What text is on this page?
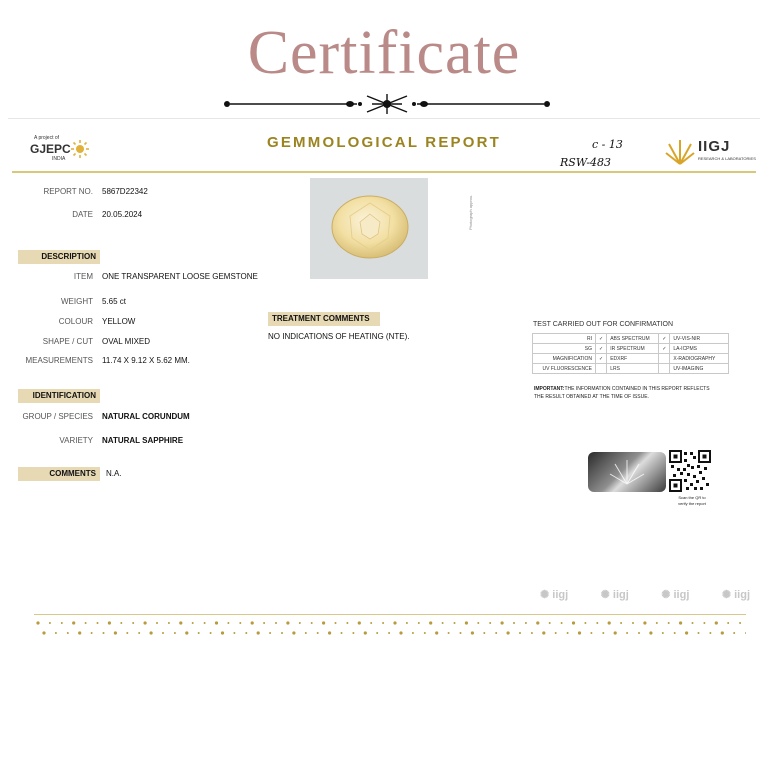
Certificate
A project of
GJEPC
INDIA
GEMMOLOGICAL REPORT	c - 13
RSW-483
IIGJ
RESEARCH & LABORATORIES
REPORT NO. 5867D22342
DATE 20.05.2024	Photograph approx.
DESCRIPTION
ITEM ONE TRANSPARENT LOOSE GEMSTONE
WEIGHT 5.65 ct
COLOUR YELLOW
SHAPE / CUT OVAL MIXED
MEASUREMENTS 11.74 X 9.12 X 5.62 MM.
TREATMENT COMMENTS
NO INDICATIONS OF HEATING (NTE).
IDENTIFICATION
GROUP / SPECIES NATURAL CORUNDUM
VARIETY NATURAL SAPPHIRE
COMMENTS	N.A.
TEST CARRIED OUT FOR CONFIRMATION
RI	✓	ABS SPECTRUM	✓	UV-VIS-NIR
SG	✓	IR SPECTRUM	✓	LA-ICPMS
MAGNIFICATION	✓	EDXRF		X-RADIOGRAPHY
UV FLUORESCENCE		LRS		UV-IMAGING
IMPORTANT:THE INFORMATION CONTAINED IN THIS REPORT REFLECTS THE RESULT OBTAINED AT THE TIME OF ISSUE.
Scan the QR to
verify the report
✺ iigj	✺ iigj	✺ iigj	✺ iigj
